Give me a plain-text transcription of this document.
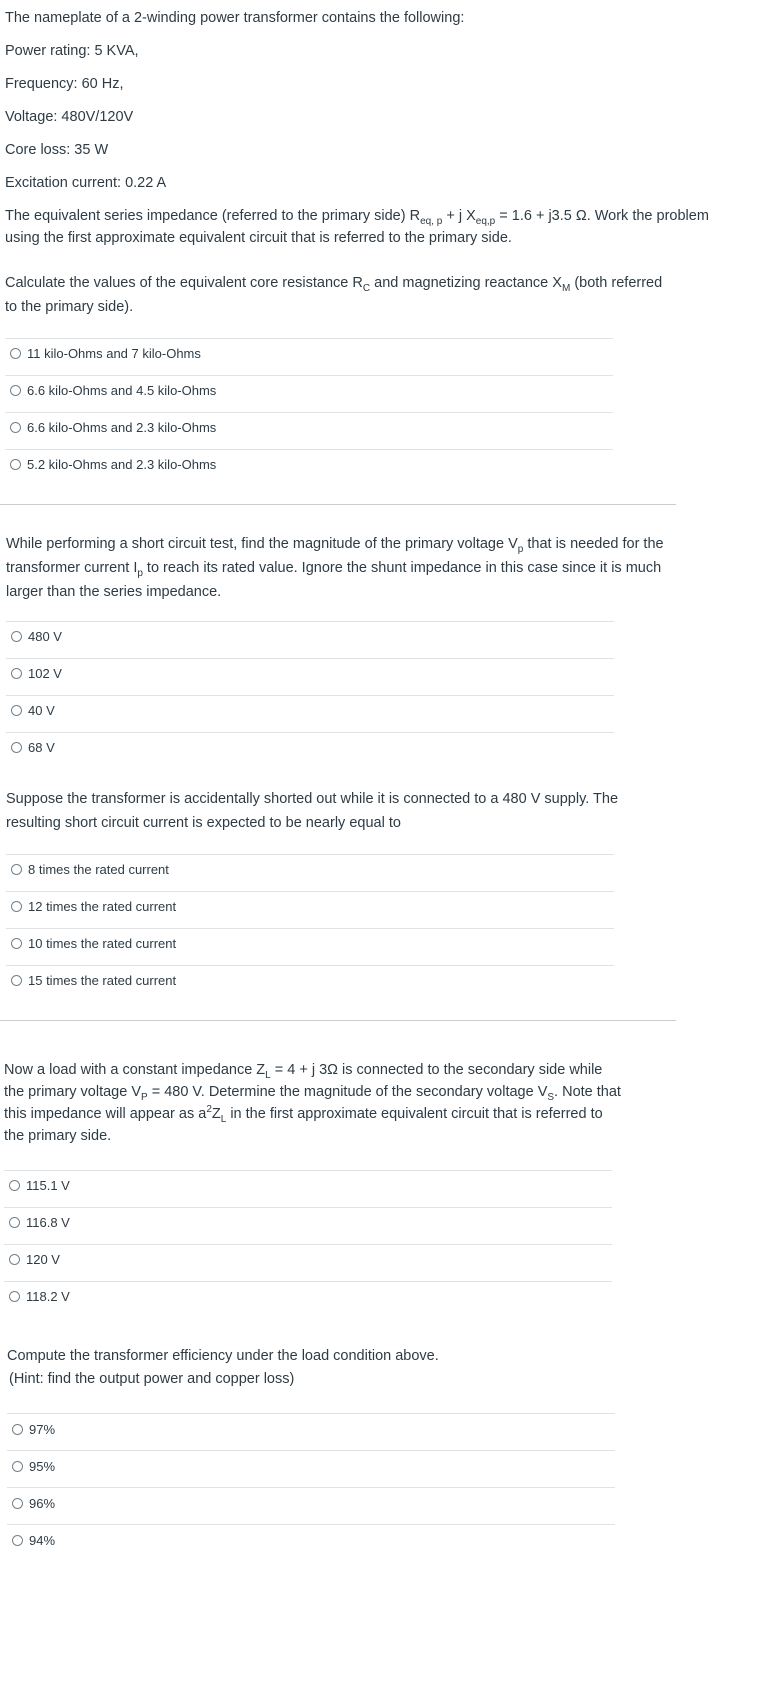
The nameplate of a 2-winding power transformer contains the following:
Power rating: 5 KVA,
Frequency: 60 Hz,
Voltage: 480V/120V
Core loss: 35 W
Excitation current: 0.22 A
The equivalent series impedance (referred to the primary side) $R_{eq, p} + j$ $X_{eq,p} = 1.6 + j3.5$ Ω. Work the problem
using the first approximate equivalent circuit that is referred to the primary side.
Calculate the values of the equivalent core resistance $R_C$ and magnetizing reactance $X_M$ (both referred to the primary side).
11 kilo-Ohms and 7 kilo-Ohms
6.6 kilo-Ohms and 4.5 kilo-Ohms
6.6 kilo-Ohms and 2.3 kilo-Ohms
5.2 kilo-Ohms and 2.3 kilo-Ohms
While performing a short circuit test, find the magnitude of the primary voltage $V_p$ that is needed for the transformer current $I_p$ to reach its rated value. Ignore the shunt impedance in this case since it is much larger than the series impedance.
480 V
102 V
40 V
68 V
Suppose the transformer is accidentally shorted out while it is connected to a 480 V supply. The resulting short circuit current is expected to be nearly equal to
8 times the rated current
12 times the rated current
10 times the rated current
15 times the rated current
Now a load with a constant impedance $Z_L = 4 + j$ 3Ω is connected to the secondary side while the primary voltage $V_P = 480$ V. Determine the magnitude of the secondary voltage $V_S$. Note that this impedance will appear as $a^2Z_L$ in the first approximate equivalent circuit that is referred to the primary side.
115.1 V
116.8 V
120 V
118.2 V
Compute the transformer efficiency under the load condition above.
(Hint: find the output power and copper loss)
97%
95%
96%
94%
